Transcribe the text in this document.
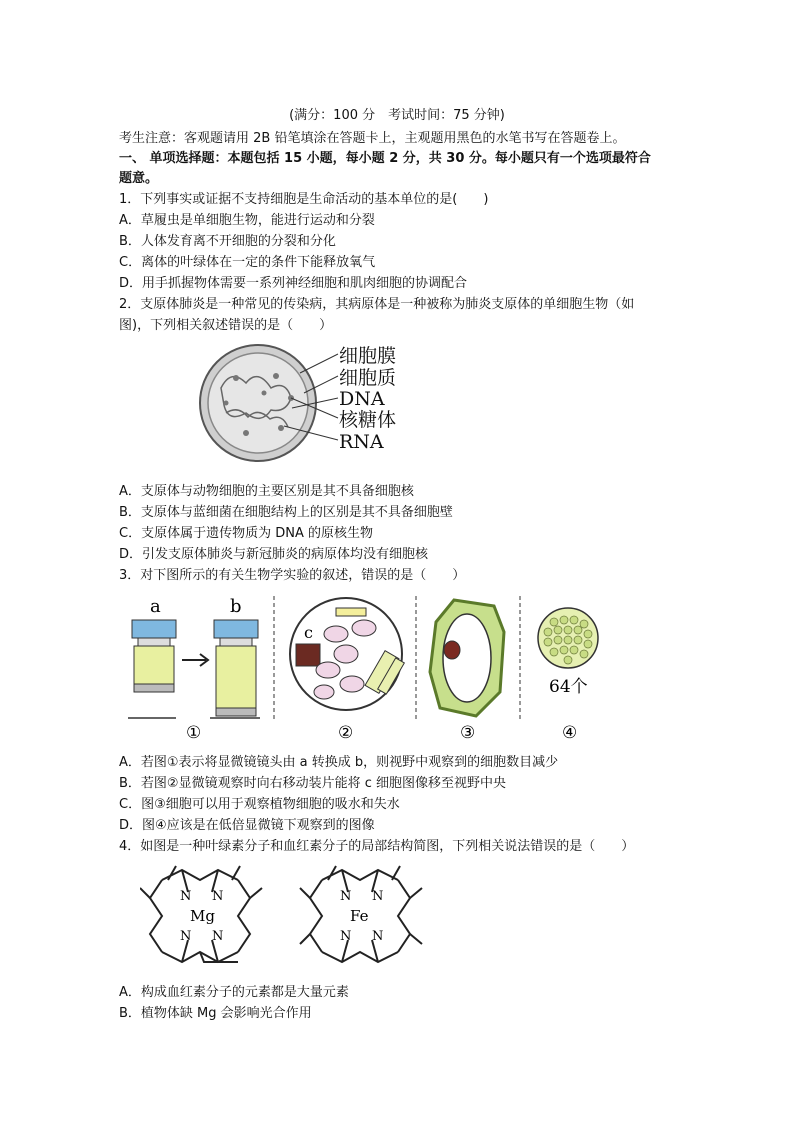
(满分：100 分　考试时间：75 分钟)
考生注意：客观题请用 2B 铅笔填涂在答题卡上，主观题用黑色的水笔书写在答题卷上。
一、 单项选择题：本题包括 15 小题，每小题 2 分，共 30 分。每小题只有一个选项最符合
题意。
1．下列事实或证据不支持细胞是生命活动的基本单位的是(　　)
A．草履虫是单细胞生物，能进行运动和分裂
B．人体发育离不开细胞的分裂和分化
C．离体的叶绿体在一定的条件下能释放氧气
D．用手抓握物体需要一系列神经细胞和肌肉细胞的协调配合
2．支原体肺炎是一种常见的传染病，其病原体是一种被称为肺炎支原体的单细胞生物（如
图)，下列相关叙述错误的是（　　）
细胞膜
细胞质
DNA
核糖体
RNA
A．支原体与动物细胞的主要区别是其不具备细胞核
B．支原体与蓝细菌在细胞结构上的区别是其不具备细胞壁
C．支原体属于遗传物质为 DNA 的原核生物
D．引发支原体肺炎与新冠肺炎的病原体均没有细胞核
3．对下图所示的有关生物学实验的叙述，错误的是（　　）
a	b
c
64个
①	②	③	④
A．若图①表示将显微镜镜头由 a 转换成 b，则视野中观察到的细胞数目减少
B．若图②显微镜观察时向右移动装片能将 c 细胞图像移至视野中央
C．图③细胞可以用于观察植物细胞的吸水和失水
D．图④应该是在低倍显微镜下观察到的图像
4．如图是一种叶绿素分子和血红素分子的局部结构简图，下列相关说法错误的是（　　）
N N
N N
Mg
N N
N N
Fe
A．构成血红素分子的元素都是大量元素
B．植物体缺 Mg 会影响光合作用
